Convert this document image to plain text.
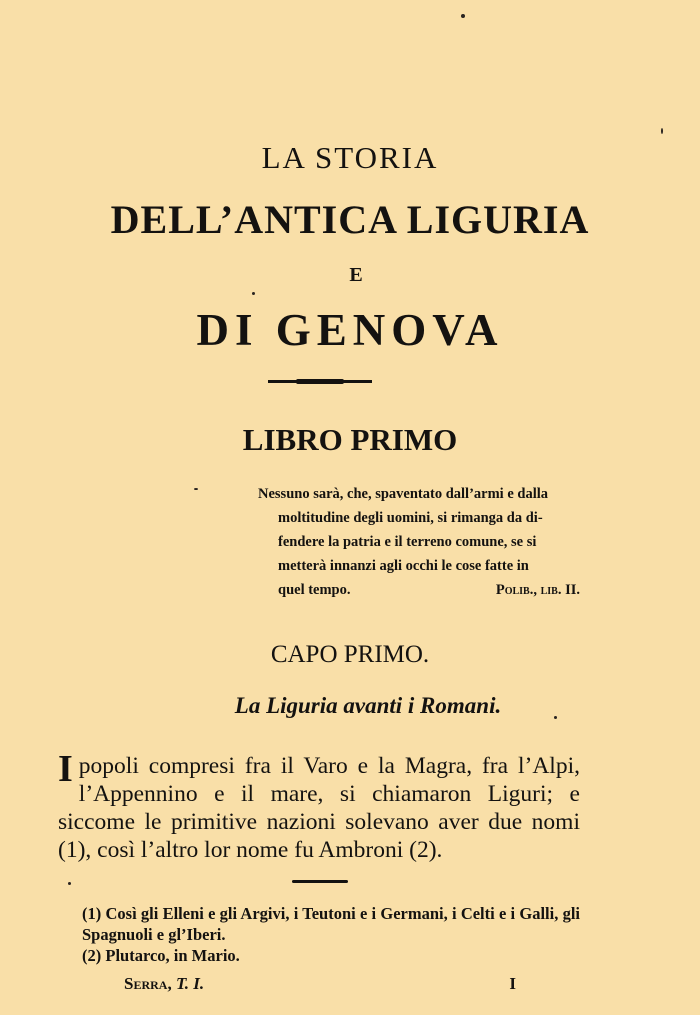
LA STORIA
DELL’ANTICA LIGURIA
E
DI GENOVA
LIBRO PRIMO
Nessuno sarà, che, spaventato dall’armi e dalla
moltitudine degli uomini, si rimanga da di-
fendere la patria e il terreno comune, se si
metterà innanzi agli occhi le cose fatte in
quel tempo.	Polib., lib. II.
CAPO PRIMO.
La Liguria avanti i Romani.
I popoli compresi fra il Varo e la Magra, fra l’Alpi, l’Appennino e il mare, si chiamaron Liguri; e siccome le primitive nazioni solevano aver due nomi (1), così l’altro lor nome fu Ambroni (2).
(1) Così gli Elleni e gli Argivi, i Teutoni e i Germani, i Celti e i Galli, gli Spagnuoli e gl’Iberi.
(2) Plutarco, in Mario.
Serra, T. I.	I
